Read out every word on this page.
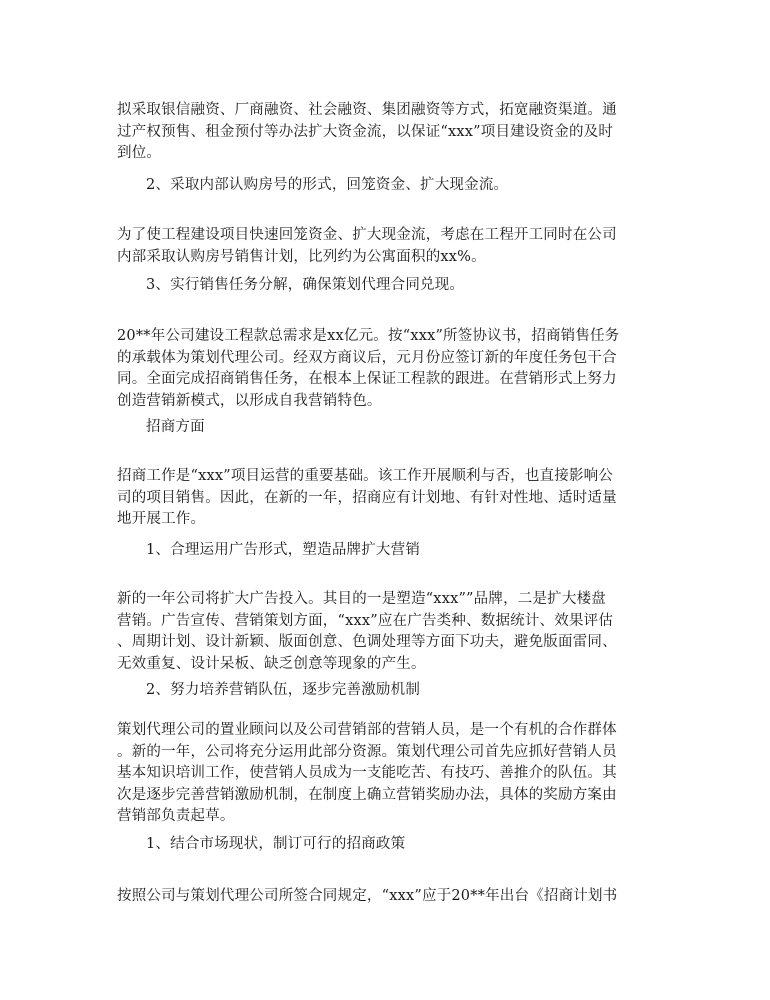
拟采取银信融资、厂商融资、社会融资、集团融资等方式，拓宽融资渠道。通
过产权预售、租金预付等办法扩大资金流，以保证“xxx”项目建设资金的及时
到位。

2、采取内部认购房号的形式，回笼资金、扩大现金流。

为了使工程建设项目快速回笼资金、扩大现金流，考虑在工程开工同时在公司
内部采取认购房号销售计划，比列约为公寓面积的xx%。

3、实行销售任务分解，确保策划代理合同兑现。

20**年公司建设工程款总需求是xx亿元。按“xxx”所签协议书，招商销售任务
的承载体为策划代理公司。经双方商议后，元月份应签订新的年度任务包干合
同。全面完成招商销售任务，在根本上保证工程款的跟进。在营销形式上努力
创造营销新模式，以形成自我营销特色。

招商方面

招商工作是“xxx”项目运营的重要基础。该工作开展顺利与否，也直接影响公
司的项目销售。因此，在新的一年，招商应有计划地、有针对性地、适时适量
地开展工作。

1、合理运用广告形式，塑造品牌扩大营销

新的一年公司将扩大广告投入。其目的一是塑造“xxx””品牌，二是扩大楼盘
营销。广告宣传、营销策划方面，“xxx”应在广告类种、数据统计、效果评估
、周期计划、设计新颖、版面创意、色调处理等方面下功夫，避免版面雷同、
无效重复、设计呆板、缺乏创意等现象的产生。

2、努力培养营销队伍，逐步完善激励机制

策划代理公司的置业顾问以及公司营销部的营销人员，是一个有机的合作群体
。新的一年，公司将充分运用此部分资源。策划代理公司首先应抓好营销人员
基本知识培训工作，使营销人员成为一支能吃苦、有技巧、善推介的队伍。其
次是逐步完善营销激励机制，在制度上确立营销奖励办法，具体的奖励方案由
营销部负责起草。

1、结合市场现状，制订可行的招商政策

按照公司与策划代理公司所签合同规定，“xxx”应于20**年出台《招商计划书
